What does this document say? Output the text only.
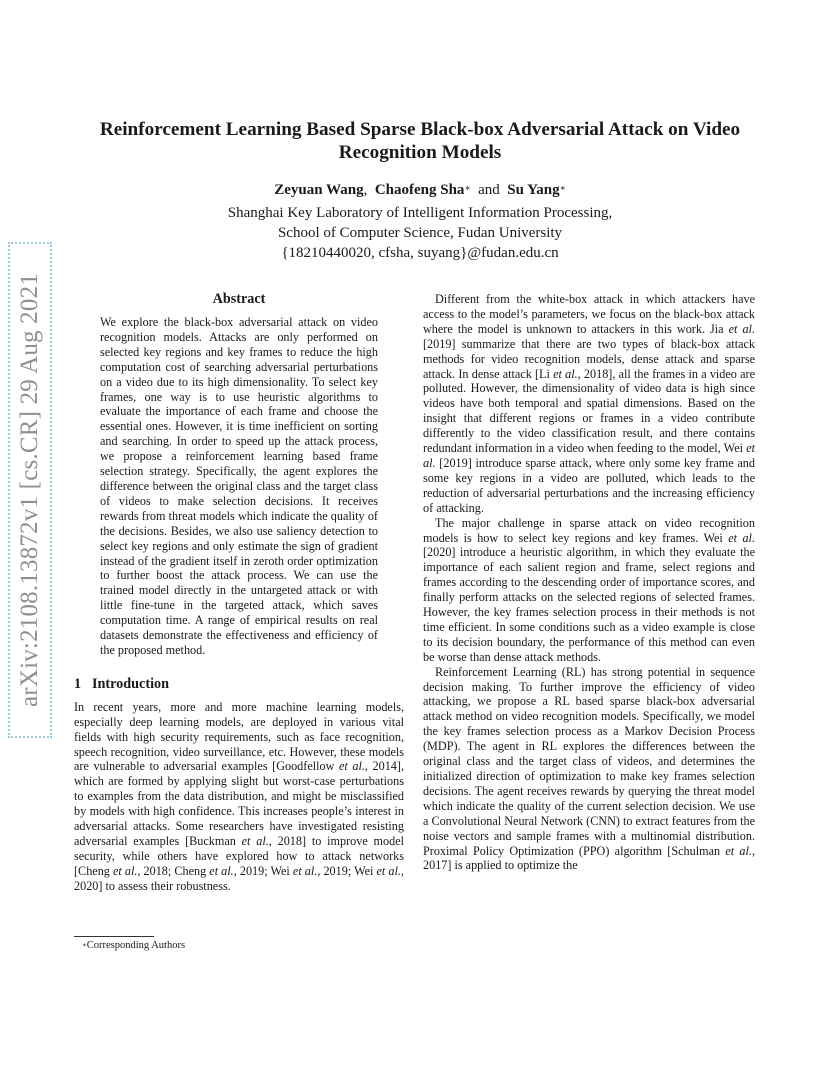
Reinforcement Learning Based Sparse Black-box Adversarial Attack on Video
Recognition Models
Zeyuan Wang, Chaofeng Sha∗ and Su Yang∗
Shanghai Key Laboratory of Intelligent Information Processing,
School of Computer Science, Fudan University
{18210440020, cfsha, suyang}@fudan.edu.cn
arXiv:2108.13872v1 [cs.CR] 29 Aug 2021	Abstract

We explore the black-box adversarial attack on video recognition models. Attacks are only performed on selected key regions and key frames to reduce the high computation cost of searching adversarial perturbations on a video due to its high dimensionality. To select key frames, one way is to use heuristic algorithms to evaluate the importance of each frame and choose the essential ones. However, it is time inefficient on sorting and searching. In order to speed up the attack process, we propose a reinforcement learning based frame selection strategy. Specifically, the agent explores the difference between the original class and the target class of videos to make selection decisions. It receives rewards from threat models which indicate the quality of the decisions. Besides, we also use saliency detection to select key regions and only estimate the sign of gradient instead of the gradient itself in zeroth order optimization to further boost the attack process. We can use the trained model directly in the untargeted attack or with little fine-tune in the targeted attack, which saves computation time. A range of empirical results on real datasets demonstrate the effectiveness and efficiency of the proposed method.

1 Introduction

In recent years, more and more machine learning models, especially deep learning models, are deployed in various vital fields with high security requirements, such as face recognition, speech recognition, video surveillance, etc. However, these models are vulnerable to adversarial examples [Goodfellow et al., 2014], which are formed by applying slight but worst-case perturbations to examples from the data distribution, and might be misclassified by models with high confidence. This increases people’s interest in adversarial attacks. Some researchers have investigated resisting adversarial examples [Buckman et al., 2018] to improve model security, while others have explored how to attack networks [Cheng et al., 2018; Cheng et al., 2019; Wei et al., 2019; Wei et al., 2020] to assess their robustness.

Different from the white-box attack in which attackers have access to the model’s parameters, we focus on the black-box attack where the model is unknown to attackers in this work. Jia et al. [2019] summarize that there are two types of black-box attack methods for video recognition models, dense attack and sparse attack. In dense attack [Li et al., 2018], all the frames in a video are polluted. However, the dimensionality of video data is high since videos have both temporal and spatial dimensions. Based on the insight that different regions or frames in a video contribute differently to the video classification result, and there contains redundant information in a video when feeding to the model, Wei et al. [2019] introduce sparse attack, where only some key frame and some key regions in a video are polluted, which leads to the reduction of adversarial perturbations and the increasing efficiency of attacking.

The major challenge in sparse attack on video recognition models is how to select key regions and key frames. Wei et al. [2020] introduce a heuristic algorithm, in which they evaluate the importance of each salient region and frame, select regions and frames according to the descending order of importance scores, and finally perform attacks on the selected regions of selected frames. However, the key frames selection process in their methods is not time efficient. In some conditions such as a video example is close to its decision boundary, the performance of this method can even be worse than dense attack methods.

Reinforcement Learning (RL) has strong potential in sequence decision making. To further improve the efficiency of video attacking, we propose a RL based sparse black-box adversarial attack method on video recognition models. Specifically, we model the key frames selection process as a Markov Decision Process (MDP). The agent in RL explores the differences between the original class and the target class of videos, and determines the initialized direction of optimization to make key frames selection decisions. The agent receives rewards by querying the threat model which indicate the quality of the current selection decision. We use a Convolutional Neural Network (CNN) to extract features from the noise vectors and sample frames with a multinomial distribution. Proximal Policy Optimization (PPO) algorithm [Schulman et al., 2017] is applied to optimize the

∗Corresponding Authors
